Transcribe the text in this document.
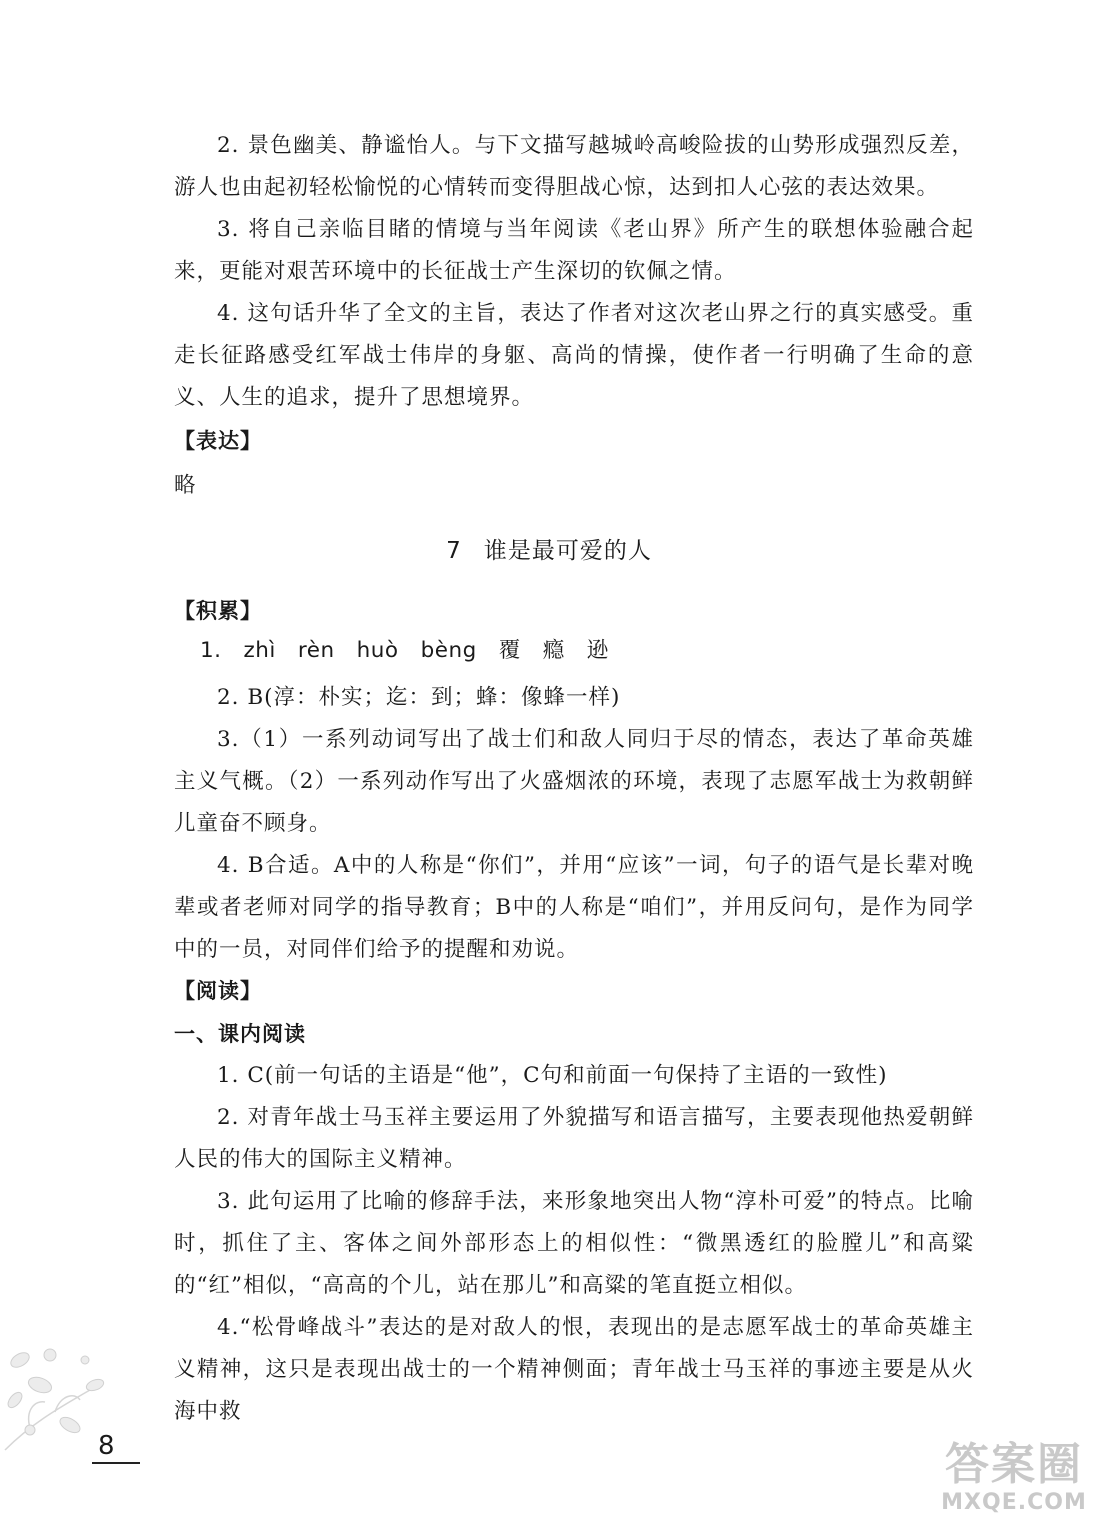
2. 景色幽美、静谧怡人。与下文描写越城岭高峻险拔的山势形成强烈反差，游人也由起初轻松愉悦的心情转而变得胆战心惊，达到扣人心弦的表达效果。

3. 将自己亲临目睹的情境与当年阅读《老山界》所产生的联想体验融合起来，更能对艰苦环境中的长征战士产生深切的钦佩之情。

4. 这句话升华了全文的主旨，表达了作者对这次老山界之行的真实感受。重走长征路感受红军战士伟岸的身躯、高尚的情操，使作者一行明确了生命的意义、人生的追求，提升了思想境界。

【表达】
略
7 谁是最可爱的人
【积累】
1. zhì rèn huò bèng 覆 瘾 逊

2. B(淳：朴实；迄：到；蜂：像蜂一样)

3.（1）一系列动词写出了战士们和敌人同归于尽的情态，表达了革命英雄主义气概。（2）一系列动作写出了火盛烟浓的环境，表现了志愿军战士为救朝鲜儿童奋不顾身。

4. B合适。A中的人称是“你们”，并用“应该”一词，句子的语气是长辈对晚辈或者老师对同学的指导教育；B中的人称是“咱们”，并用反问句，是作为同学中的一员，对同伴们给予的提醒和劝说。

【阅读】
一、课内阅读

1. C(前一句话的主语是“他”，C句和前面一句保持了主语的一致性)

2. 对青年战士马玉祥主要运用了外貌描写和语言描写，主要表现他热爱朝鲜人民的伟大的国际主义精神。

3. 此句运用了比喻的修辞手法，来形象地突出人物“淳朴可爱”的特点。比喻时，抓住了主、客体之间外部形态上的相似性：“微黑透红的脸膛儿”和高粱的“红”相似，“高高的个儿，站在那儿”和高粱的笔直挺立相似。

4.“松骨峰战斗”表达的是对敌人的恨，表现出的是志愿军战士的革命英雄主义精神，这只是表现出战士的一个精神侧面；青年战士马玉祥的事迹主要是从火海中救

8	答案圈
MXQE.COM
